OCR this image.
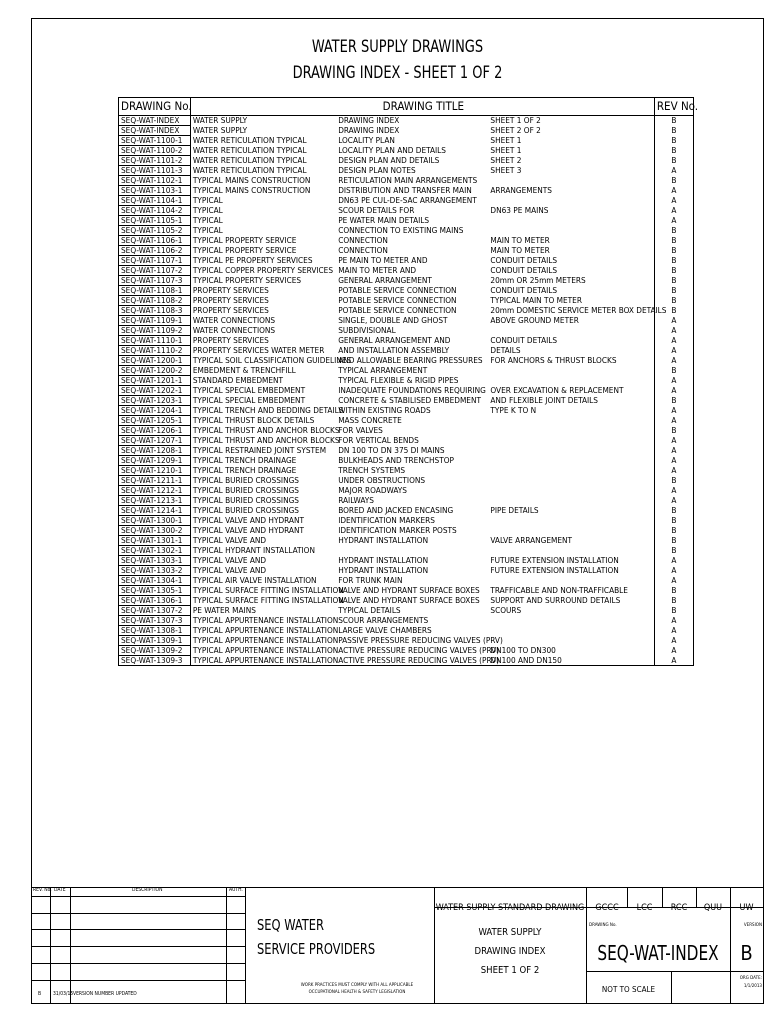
WATER SUPPLY DRAWINGS
DRAWING INDEX - SHEET 1 OF 2
DRAWING No.	DRAWING TITLE			REV No.
SEQ-WAT-INDEX	WATER SUPPLY	DRAWING INDEX	SHEET 1 OF 2	B
SEQ-WAT-INDEX	WATER SUPPLY	DRAWING INDEX	SHEET 2 OF 2	B
SEQ-WAT-1100-1	WATER RETICULATION TYPICAL	LOCALITY PLAN	SHEET 1	B
SEQ-WAT-1100-2	WATER RETICULATION TYPICAL	LOCALITY PLAN AND DETAILS	SHEET 1	B
SEQ-WAT-1101-2	WATER RETICULATION TYPICAL	DESIGN PLAN AND DETAILS	SHEET 2	B
SEQ-WAT-1101-3	WATER RETICULATION TYPICAL	DESIGN PLAN NOTES	SHEET 3	A
SEQ-WAT-1102-1	TYPICAL MAINS CONSTRUCTION	RETICULATION MAIN ARRANGEMENTS		B
SEQ-WAT-1103-1	TYPICAL MAINS CONSTRUCTION	DISTRIBUTION AND TRANSFER MAIN	ARRANGEMENTS	A
SEQ-WAT-1104-1	TYPICAL	DN63 PE CUL-DE-SAC ARRANGEMENT		A
SEQ-WAT-1104-2	TYPICAL	SCOUR DETAILS FOR	DN63 PE MAINS	A
SEQ-WAT-1105-1	TYPICAL	PE WATER MAIN DETAILS		A
SEQ-WAT-1105-2	TYPICAL	CONNECTION TO EXISTING MAINS		B
SEQ-WAT-1106-1	TYPICAL PROPERTY SERVICE	CONNECTION	MAIN TO METER	B
SEQ-WAT-1106-2	TYPICAL PROPERTY SERVICE	CONNECTION	MAIN TO METER	B
SEQ-WAT-1107-1	TYPICAL PE PROPERTY SERVICES	PE MAIN TO METER AND	CONDUIT DETAILS	B
SEQ-WAT-1107-2	TYPICAL COPPER PROPERTY SERVICES	MAIN TO METER AND	CONDUIT DETAILS	B
SEQ-WAT-1107-3	TYPICAL PROPERTY SERVICES	GENERAL ARRANGEMENT	20mm OR 25mm METERS	B
SEQ-WAT-1108-1	PROPERTY SERVICES	POTABLE SERVICE CONNECTION	CONDUIT DETAILS	B
SEQ-WAT-1108-2	PROPERTY SERVICES	POTABLE SERVICE CONNECTION	TYPICAL MAIN TO METER	B
SEQ-WAT-1108-3	PROPERTY SERVICES	POTABLE SERVICE CONNECTION	20mm DOMESTIC SERVICE METER BOX DETAILS	B
SEQ-WAT-1109-1	WATER CONNECTIONS	SINGLE, DOUBLE AND GHOST	ABOVE GROUND METER	A
SEQ-WAT-1109-2	WATER CONNECTIONS	SUBDIVISIONAL		A
SEQ-WAT-1110-1	PROPERTY SERVICES	GENERAL ARRANGEMENT AND	CONDUIT DETAILS	A
SEQ-WAT-1110-2	PROPERTY SERVICES WATER METER	AND INSTALLATION ASSEMBLY	DETAILS	A
SEQ-WAT-1200-1	TYPICAL SOIL CLASSIFICATION GUIDELINES	AND ALLOWABLE BEARING PRESSURES	FOR ANCHORS & THRUST BLOCKS	A
SEQ-WAT-1200-2	EMBEDMENT & TRENCHFILL	TYPICAL ARRANGEMENT		B
SEQ-WAT-1201-1	STANDARD EMBEDMENT	TYPICAL FLEXIBLE & RIGID PIPES		A
SEQ-WAT-1202-1	TYPICAL SPECIAL EMBEDMENT	INADEQUATE FOUNDATIONS REQUIRING	OVER EXCAVATION & REPLACEMENT	A
SEQ-WAT-1203-1	TYPICAL SPECIAL EMBEDMENT	CONCRETE & STABILISED EMBEDMENT	AND FLEXIBLE JOINT DETAILS	B
SEQ-WAT-1204-1	TYPICAL TRENCH AND BEDDING DETAILS	WITHIN EXISTING ROADS	TYPE K TO N	A
SEQ-WAT-1205-1	TYPICAL THRUST BLOCK DETAILS	MASS CONCRETE		A
SEQ-WAT-1206-1	TYPICAL THRUST AND ANCHOR BLOCKS	FOR VALVES		B
SEQ-WAT-1207-1	TYPICAL THRUST AND ANCHOR BLOCKS	FOR VERTICAL BENDS		A
SEQ-WAT-1208-1	TYPICAL RESTRAINED JOINT SYSTEM	DN 100 TO DN 375 DI MAINS		A
SEQ-WAT-1209-1	TYPICAL TRENCH DRAINAGE	BULKHEADS AND TRENCHSTOP		A
SEQ-WAT-1210-1	TYPICAL TRENCH DRAINAGE	TRENCH SYSTEMS		A
SEQ-WAT-1211-1	TYPICAL BURIED CROSSINGS	UNDER OBSTRUCTIONS		B
SEQ-WAT-1212-1	TYPICAL BURIED CROSSINGS	MAJOR ROADWAYS		A
SEQ-WAT-1213-1	TYPICAL BURIED CROSSINGS	RAILWAYS		A
SEQ-WAT-1214-1	TYPICAL BURIED CROSSINGS	BORED AND JACKED ENCASING	PIPE DETAILS	B
SEQ-WAT-1300-1	TYPICAL VALVE AND HYDRANT	IDENTIFICATION MARKERS		B
SEQ-WAT-1300-2	TYPICAL VALVE AND HYDRANT	IDENTIFICATION MARKER POSTS		B
SEQ-WAT-1301-1	TYPICAL VALVE AND	HYDRANT INSTALLATION	VALVE ARRANGEMENT	B
SEQ-WAT-1302-1	TYPICAL HYDRANT INSTALLATION			B
SEQ-WAT-1303-1	TYPICAL VALVE AND	HYDRANT INSTALLATION	FUTURE EXTENSION INSTALLATION	A
SEQ-WAT-1303-2	TYPICAL VALVE AND	HYDRANT INSTALLATION	FUTURE EXTENSION INSTALLATION	A
SEQ-WAT-1304-1	TYPICAL AIR VALVE INSTALLATION	FOR TRUNK MAIN		A
SEQ-WAT-1305-1	TYPICAL SURFACE FITTING INSTALLATION	VALVE AND HYDRANT SURFACE BOXES	TRAFFICABLE AND NON-TRAFFICABLE	B
SEQ-WAT-1306-1	TYPICAL SURFACE FITTING INSTALLATION	VALVE AND HYDRANT SURFACE BOXES	SUPPORT AND SURROUND DETAILS	B
SEQ-WAT-1307-2	PE WATER MAINS	TYPICAL DETAILS	SCOURS	B
SEQ-WAT-1307-3	TYPICAL APPURTENANCE INSTALLATION	SCOUR ARRANGEMENTS		A
SEQ-WAT-1308-1	TYPICAL APPURTENANCE INSTALLATION	LARGE VALVE CHAMBERS		A
SEQ-WAT-1309-1	TYPICAL APPURTENANCE INSTALLATION	PASSIVE PRESSURE REDUCING VALVES (PRV)		A
SEQ-WAT-1309-2	TYPICAL APPURTENANCE INSTALLATION	ACTIVE PRESSURE REDUCING VALVES (PRV)	DN100 TO DN300	A
SEQ-WAT-1309-3	TYPICAL APPURTENANCE INSTALLATION	ACTIVE PRESSURE REDUCING VALVES (PRV)	DN100 AND DN150	A
REV. No. DATE	DESCRIPTION	AUTH.
B 31/03/15 VERSION NUMBER UPDATED
SEQ WATER
SERVICE PROVIDERS
WORK PRACTICES MUST COMPLY WITH ALL APPLICABLE
OCCUPATIONAL HEALTH & SAFETY LEGISLATION
WATER SUPPLY STANDARD DRAWING
WATER SUPPLY
DRAWING INDEX
SHEET 1 OF 2
GCCC	LCC	RCC	QUU	UW
DRAWING No.
SEQ-WAT-INDEX
VERSION
B
NOT TO SCALE
ORG DATE:
1/1/2013
